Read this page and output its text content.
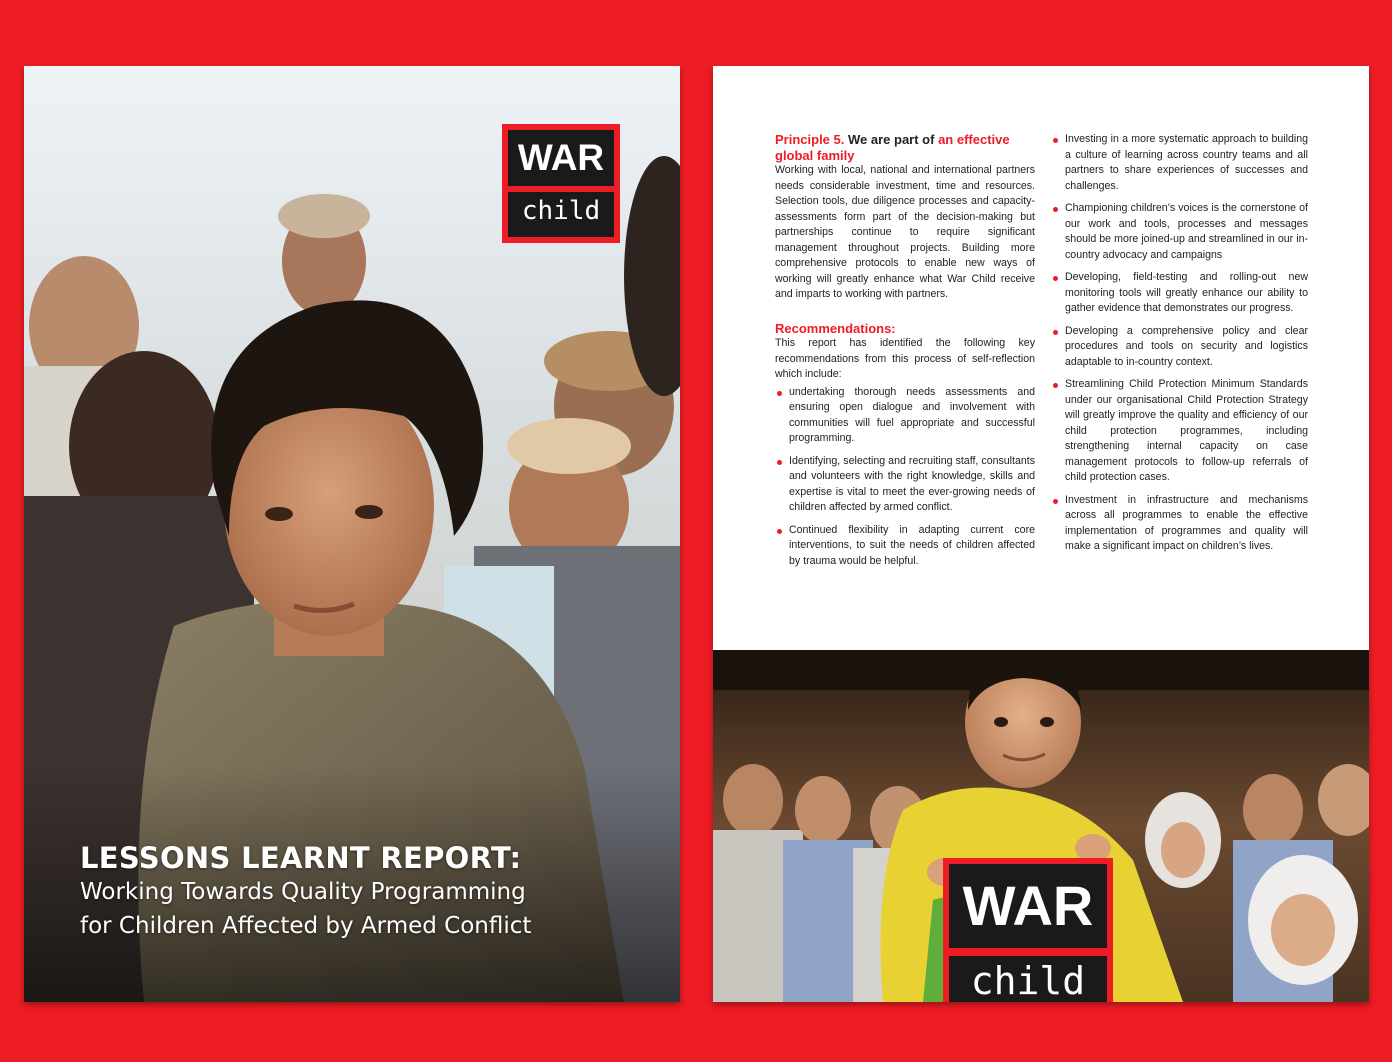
WAR
child
LESSONS LEARNT REPORT:
Working Towards Quality Programming
for Children Affected by Armed Conflict
Principle 5. We are part of an effective global family

Working with local, national and international partners needs considerable investment, time and resources. Selection tools, due diligence processes and capacity-assessments form part of the decision-making but partnerships continue to require significant management throughout projects. Building more comprehensive protocols to enable new ways of working will greatly enhance what War Child receive and imparts to working with partners.

Recommendations:

This report has identified the following key recommendations from this process of self-reflection which include:

undertaking thorough needs assessments and ensuring open dialogue and involvement with communities will fuel appropriate and successful programming.
Identifying, selecting and recruiting staff, consultants and volunteers with the right knowledge, skills and expertise is vital to meet the ever-growing needs of children affected by armed conflict.
Continued flexibility in adapting current core interventions, to suit the needs of children affected by trauma would be helpful.
Investing in a more systematic approach to building a culture of learning across country teams and all partners to share experiences of successes and challenges.
Championing children’s voices is the cornerstone of our work and tools, processes and messages should be more joined-up and streamlined in our in-country advocacy and campaigns
Developing, field-testing and rolling-out new monitoring tools will greatly enhance our ability to gather evidence that demonstrates our progress.
Developing a comprehensive policy and clear procedures and tools on security and logistics adaptable to in-country context.
Streamlining Child Protection Minimum Standards under our organisational Child Protection Strategy will greatly improve the quality and efficiency of our child protection programmes, including strengthening internal capacity on case management protocols to follow-up referrals of child protection cases.
Investment in infrastructure and mechanisms across all programmes to enable the effective implementation of programmes and quality will make a significant impact on children’s lives.
WAR
child
